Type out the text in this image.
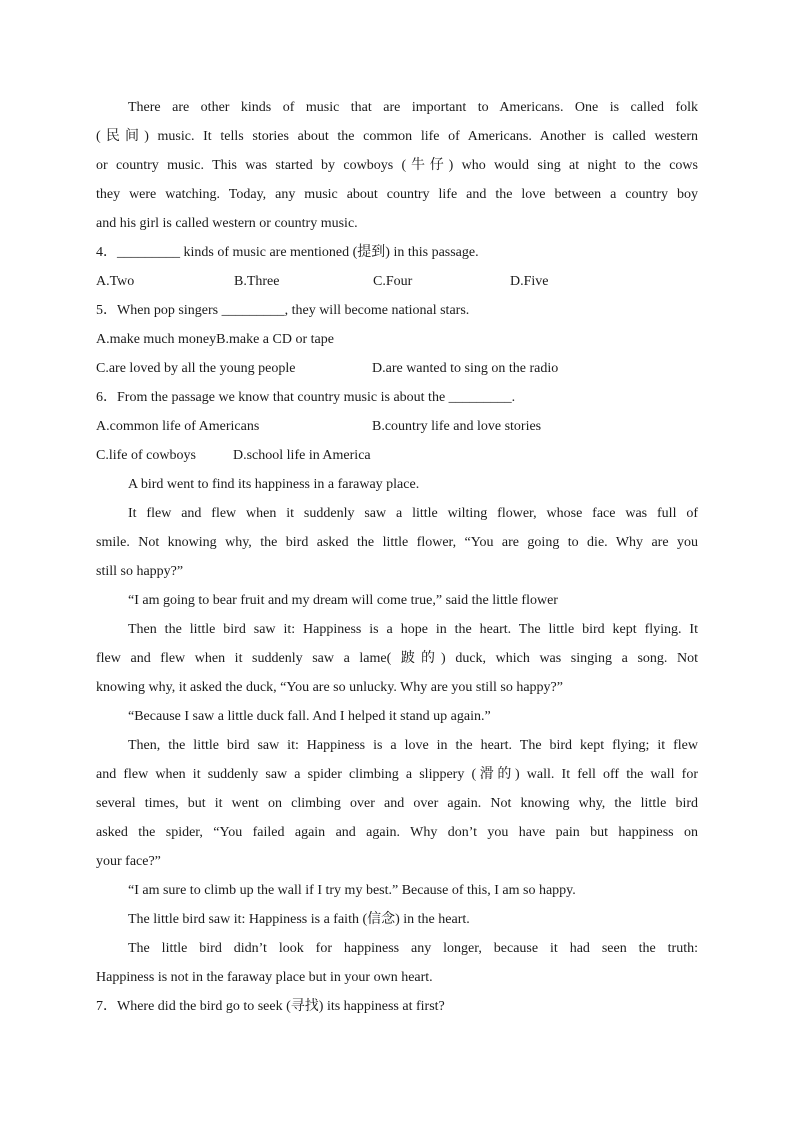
There are other kinds of music that are important to Americans. One is called folk
(民间) music. It tells stories about the common life of Americans. Another is called western
or country music. This was started by cowboys (牛仔) who would sing at night to the cows
they were watching. Today, any music about country life and the love between a country boy
and his girl is called western or country music.
4．_________ kinds of music are mentioned (提到) in this passage.
A.Two	B.Three	C.Four	D.Five
5．When pop singers _________, they will become national stars.
A.make much money B.make a CD or tape
C.are loved by all the young people	D.are wanted to sing on the radio
6．From the passage we know that country music is about the _________.
A.common life of Americans	B.country life and love stories
C.life of cowboys	D.school life in America
A bird went to find its happiness in a faraway place.
It flew and flew when it suddenly saw a little wilting flower, whose face was full of
smile. Not knowing why, the bird asked the little flower, “You are going to die. Why are you
still so happy?”
“I am going to bear fruit and my dream will come true,” said the little flower
Then the little bird saw it: Happiness is a hope in the heart. The little bird kept flying. It
flew and flew when it suddenly saw a lame( 跛的) duck, which was singing a song. Not
knowing why, it asked the duck, “You are so unlucky. Why are you still so happy?”
“Because I saw a little duck fall. And I helped it stand up again.”
Then, the little bird saw it: Happiness is a love in the heart. The bird kept flying; it flew
and flew when it suddenly saw a spider climbing a slippery (滑的) wall. It fell off the wall for
several times, but it went on climbing over and over again. Not knowing why, the little bird
asked the spider, “You failed again and again. Why don’t you have pain but happiness on
your face?”
“I am sure to climb up the wall if I try my best.” Because of this, I am so happy.
The little bird saw it: Happiness is a faith (信念) in the heart.
The little bird didn’t look for happiness any longer, because it had seen the truth:
Happiness is not in the faraway place but in your own heart.
7．Where did the bird go to seek (寻找) its happiness at first?
